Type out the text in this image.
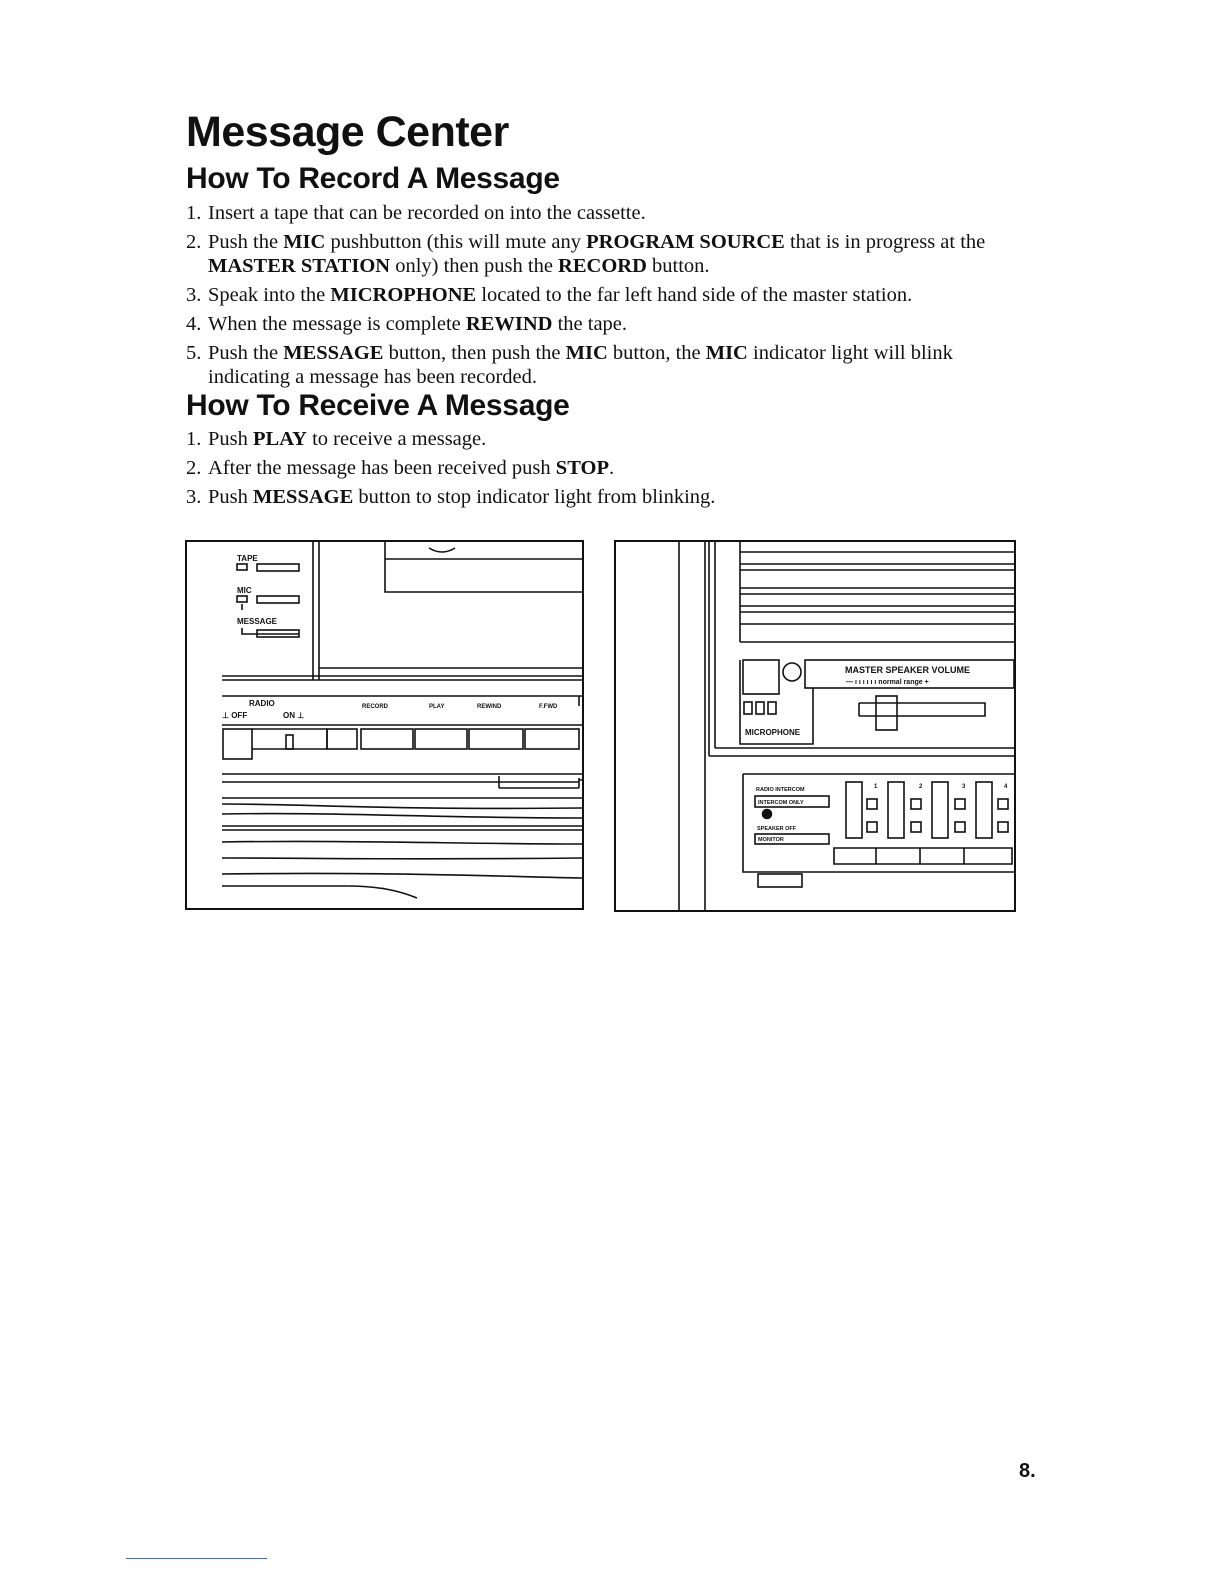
Message Center
How To Record A Message
1. Insert a tape that can be recorded on into the cassette.
2. Push the MIC pushbutton (this will mute any PROGRAM SOURCE that is in progress at the MASTER STATION only) then push the RECORD button.
3. Speak into the MICROPHONE located to the far left hand side of the master station.
4. When the message is complete REWIND the tape.
5. Push the MESSAGE button, then push the MIC button, the MIC indicator light will blink indicating a message has been recorded.
How To Receive A Message
1. Push PLAY to receive a message.
2. After the message has been received push STOP.
3. Push MESSAGE button to stop indicator light from blinking.
TAPE
MIC
MESSAGE
RADIO	RECORD	PLAY	REWIND	F.FWD
⊥ OFF	ON ⊥
MASTER SPEAKER VOLUME
— ı ı ı ı ı ı normal range +
MICROPHONE
RADIO INTERCOM
INTERCOM ONLY
SPEAKER OFF
MONITOR
1	2	3	4

8.
